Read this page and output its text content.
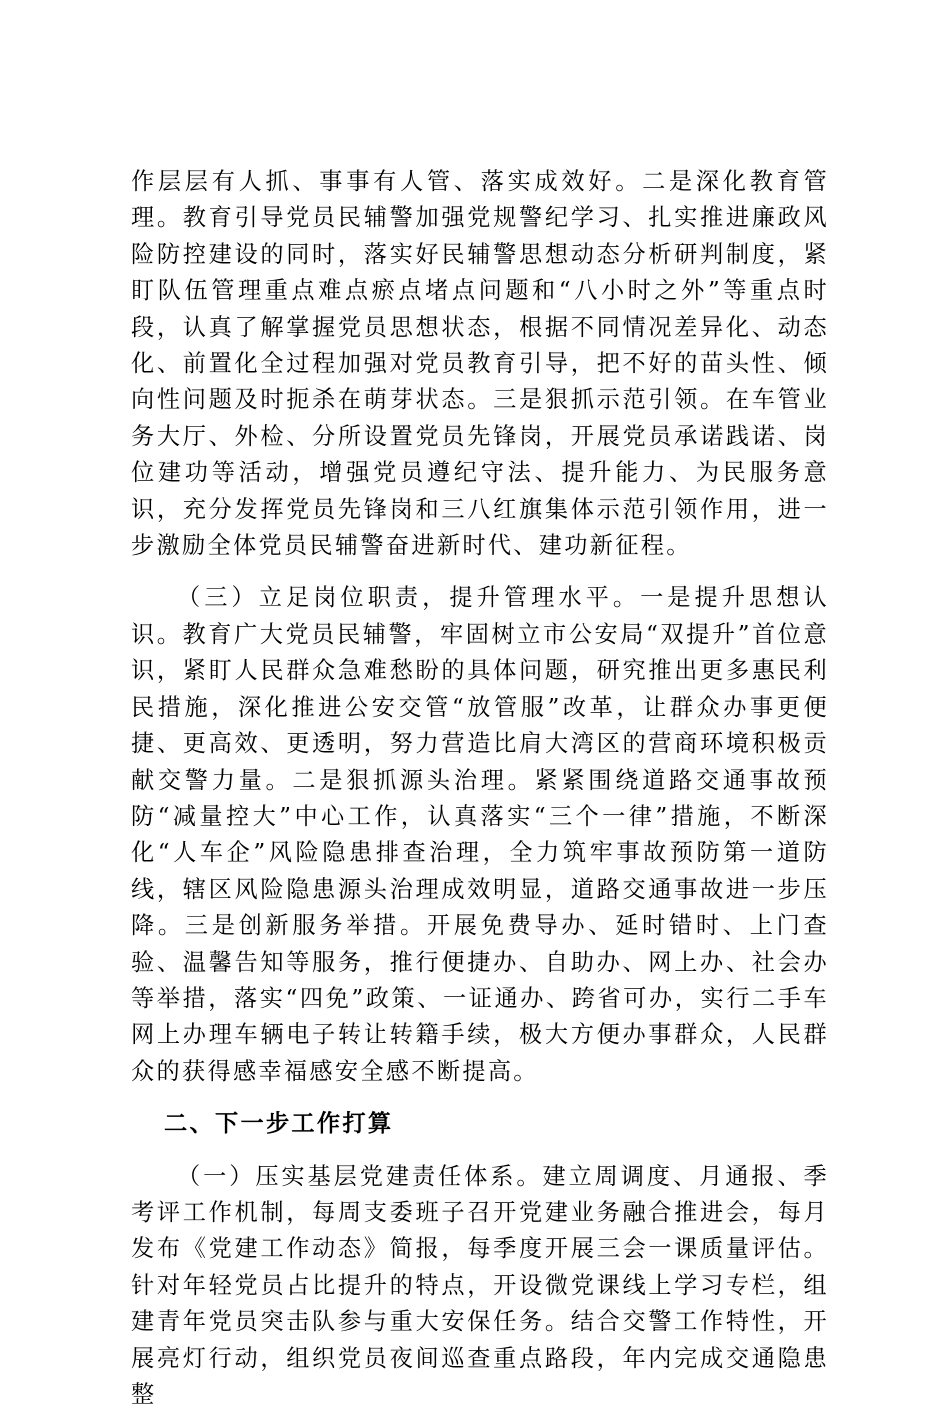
作层层有人抓、事事有人管、落实成效好。二是深化教育管理。教育引导党员民辅警加强党规警纪学习、扎实推进廉政风险防控建设的同时，落实好民辅警思想动态分析研判制度，紧盯队伍管理重点难点瘀点堵点问题和“八小时之外”等重点时段，认真了解掌握党员思想状态，根据不同情况差异化、动态化、前置化全过程加强对党员教育引导，把不好的苗头性、倾向性问题及时扼杀在萌芽状态。三是狠抓示范引领。在车管业务大厅、外检、分所设置党员先锋岗，开展党员承诺践诺、岗位建功等活动，增强党员遵纪守法、提升能力、为民服务意识，充分发挥党员先锋岗和三八红旗集体示范引领作用，进一步激励全体党员民辅警奋进新时代、建功新征程。

（三）立足岗位职责，提升管理水平。一是提升思想认识。教育广大党员民辅警，牢固树立市公安局“双提升”首位意识，紧盯人民群众急难愁盼的具体问题，研究推出更多惠民利民措施，深化推进公安交管“放管服”改革，让群众办事更便捷、更高效、更透明，努力营造比肩大湾区的营商环境积极贡献交警力量。二是狠抓源头治理。紧紧围绕道路交通事故预防“减量控大”中心工作，认真落实“三个一律”措施，不断深化“人车企”风险隐患排查治理，全力筑牢事故预防第一道防线，辖区风险隐患源头治理成效明显，道路交通事故进一步压降。三是创新服务举措。开展免费导办、延时错时、上门查验、温馨告知等服务，推行便捷办、自助办、网上办、社会办等举措，落实“四免”政策、一证通办、跨省可办，实行二手车网上办理车辆电子转让转籍手续，极大方便办事群众，人民群众的获得感幸福感安全感不断提高。

二、下一步工作打算

（一）压实基层党建责任体系。建立周调度、月通报、季考评工作机制，每周支委班子召开党建业务融合推进会，每月发布《党建工作动态》简报，每季度开展三会一课质量评估。针对年轻党员占比提升的特点，开设微党课线上学习专栏，组建青年党员突击队参与重大安保任务。结合交警工作特性，开展亮灯行动，组织党员夜间巡查重点路段，年内完成交通隐患整
